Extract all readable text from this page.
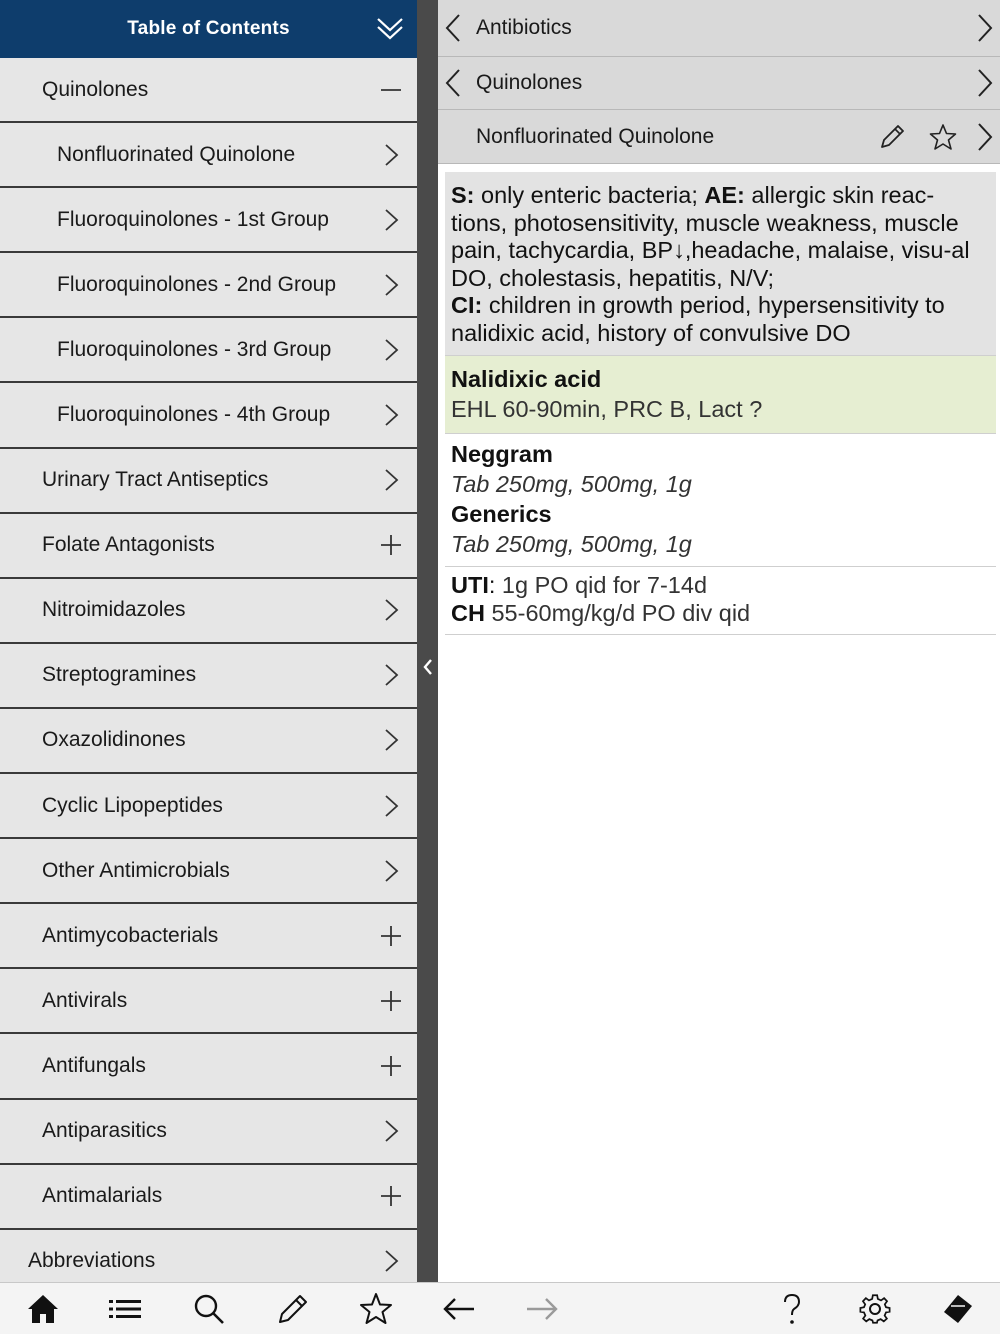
Table of Contents
Quinolones
Nonfluorinated Quinolone
Fluoroquinolones - 1st Group
Fluoroquinolones - 2nd Group
Fluoroquinolones - 3rd Group
Fluoroquinolones - 4th Group
Urinary Tract Antiseptics
Folate Antagonists
Nitroimidazoles
Streptogramines
Oxazolidinones
Cyclic Lipopeptides
Other Antimicrobials
Antimycobacterials
Antivirals
Antifungals
Antiparasitics
Antimalarials
Abbreviations
Antibiotics
Quinolones
Nonfluorinated Quinolone
S: only enteric bacteria; AE: allergic skin reac-tions, photosensitivity, muscle weakness, muscle pain, tachycardia, BP↓,headache, malaise, visu-al DO, cholestasis, hepatitis, N/V;
CI: children in growth period, hypersensitivity to nalidixic acid, history of convulsive DO
Nalidixic acid
EHL 60-90min, PRC B, Lact ?
Neggram
Tab 250mg, 500mg, 1g
Generics
Tab 250mg, 500mg, 1g
UTI: 1g PO qid for 7-14d
CH 55-60mg/kg/d PO div qid
